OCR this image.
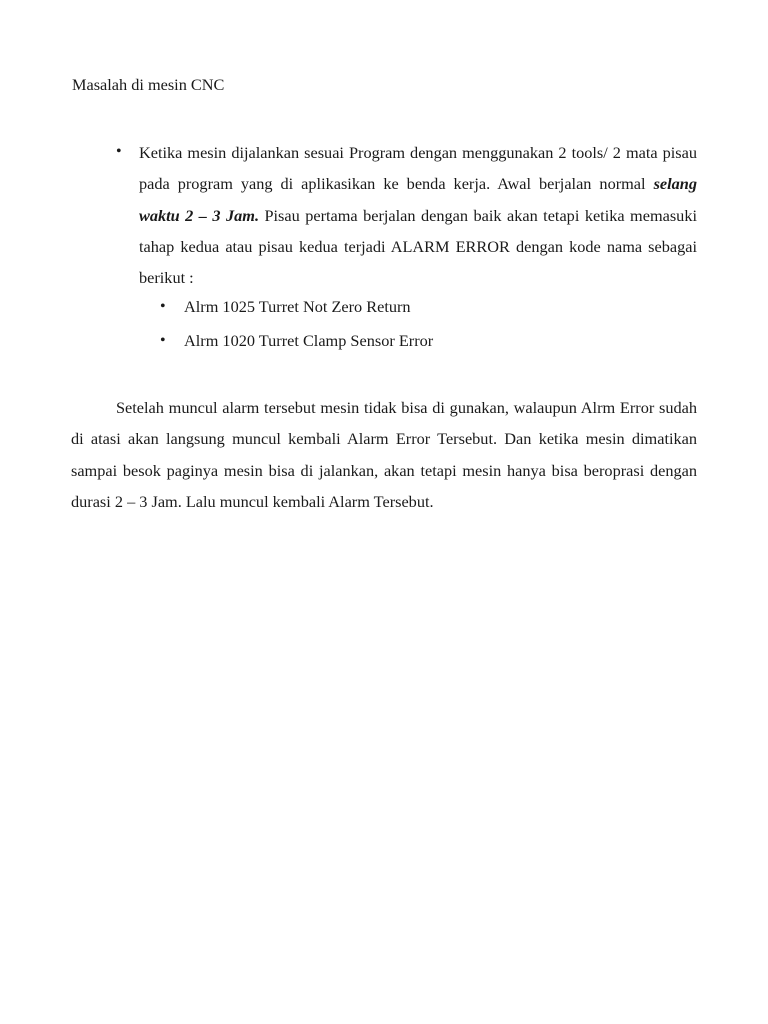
Masalah di mesin CNC

• Ketika mesin dijalankan sesuai Program dengan menggunakan 2 tools/ 2 mata pisau pada program yang di aplikasikan ke benda kerja. Awal berjalan normal selang waktu 2 – 3 Jam. Pisau pertama berjalan dengan baik akan tetapi ketika memasuki tahap kedua atau pisau kedua terjadi ALARM ERROR dengan kode nama sebagai berikut :

• Alrm 1025 Turret Not Zero Return

• Alrm 1020 Turret Clamp Sensor Error

Setelah muncul alarm tersebut mesin tidak bisa di gunakan, walaupun Alrm Error sudah di atasi akan langsung muncul kembali Alarm Error Tersebut. Dan ketika mesin dimatikan sampai besok paginya mesin bisa di jalankan, akan tetapi mesin hanya bisa beroprasi dengan durasi 2 – 3 Jam. Lalu muncul kembali Alarm Tersebut.
